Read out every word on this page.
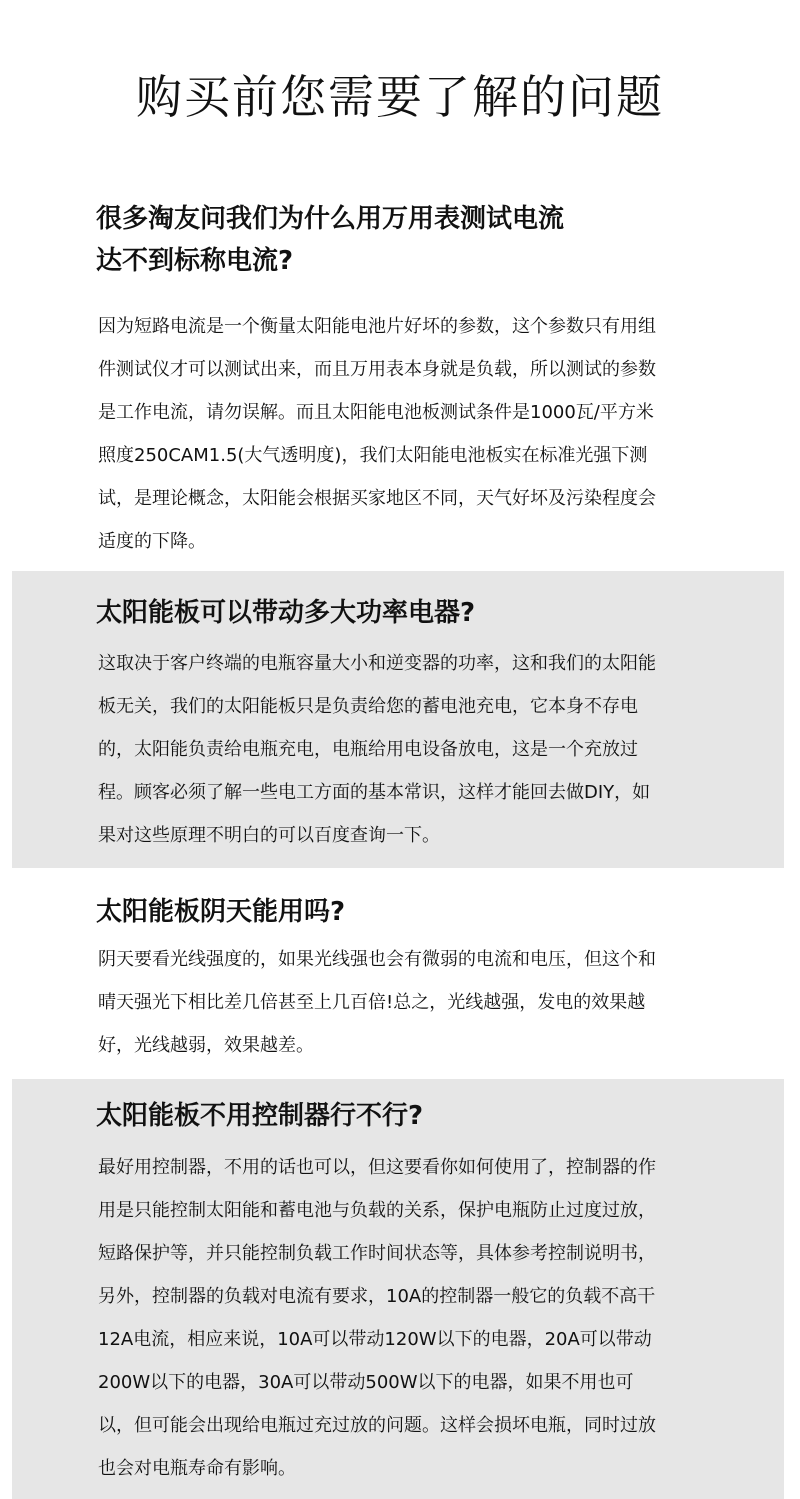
购买前您需要了解的问题
很多淘友问我们为什么用万用表测试电流
达不到标称电流?

因为短路电流是一个衡量太阳能电池片好坏的参数，这个参数只有用组
件测试仪才可以测试出来，而且万用表本身就是负载，所以测试的参数
是工作电流，请勿误解。而且太阳能电池板测试条件是1000瓦/平方米
照度250CAM1.5(大气透明度)，我们太阳能电池板实在标准光强下测
试，是理论概念，太阳能会根据买家地区不同，天气好坏及污染程度会
适度的下降。

太阳能板可以带动多大功率电器?

这取决于客户终端的电瓶容量大小和逆变器的功率，这和我们的太阳能
板无关，我们的太阳能板只是负责给您的蓄电池充电，它本身不存电
的，太阳能负责给电瓶充电，电瓶给用电设备放电，这是一个充放过
程。顾客必须了解一些电工方面的基本常识，这样才能回去做DIY，如
果对这些原理不明白的可以百度查询一下。

太阳能板阴天能用吗?

阴天要看光线强度的，如果光线强也会有微弱的电流和电压，但这个和
晴天强光下相比差几倍甚至上几百倍!总之，光线越强，发电的效果越
好，光线越弱，效果越差。

太阳能板不用控制器行不行?

最好用控制器，不用的话也可以，但这要看你如何使用了，控制器的作
用是只能控制太阳能和蓄电池与负载的关系，保护电瓶防止过度过放，
短路保护等，并只能控制负载工作时间状态等，具体参考控制说明书，
另外，控制器的负载对电流有要求，10A的控制器一般它的负载不高干
12A电流，相应来说，10A可以带动120W以下的电器，20A可以带动
200W以下的电器，30A可以带动500W以下的电器，如果不用也可
以，但可能会出现给电瓶过充过放的问题。这样会损坏电瓶，同时过放
也会对电瓶寿命有影响。
